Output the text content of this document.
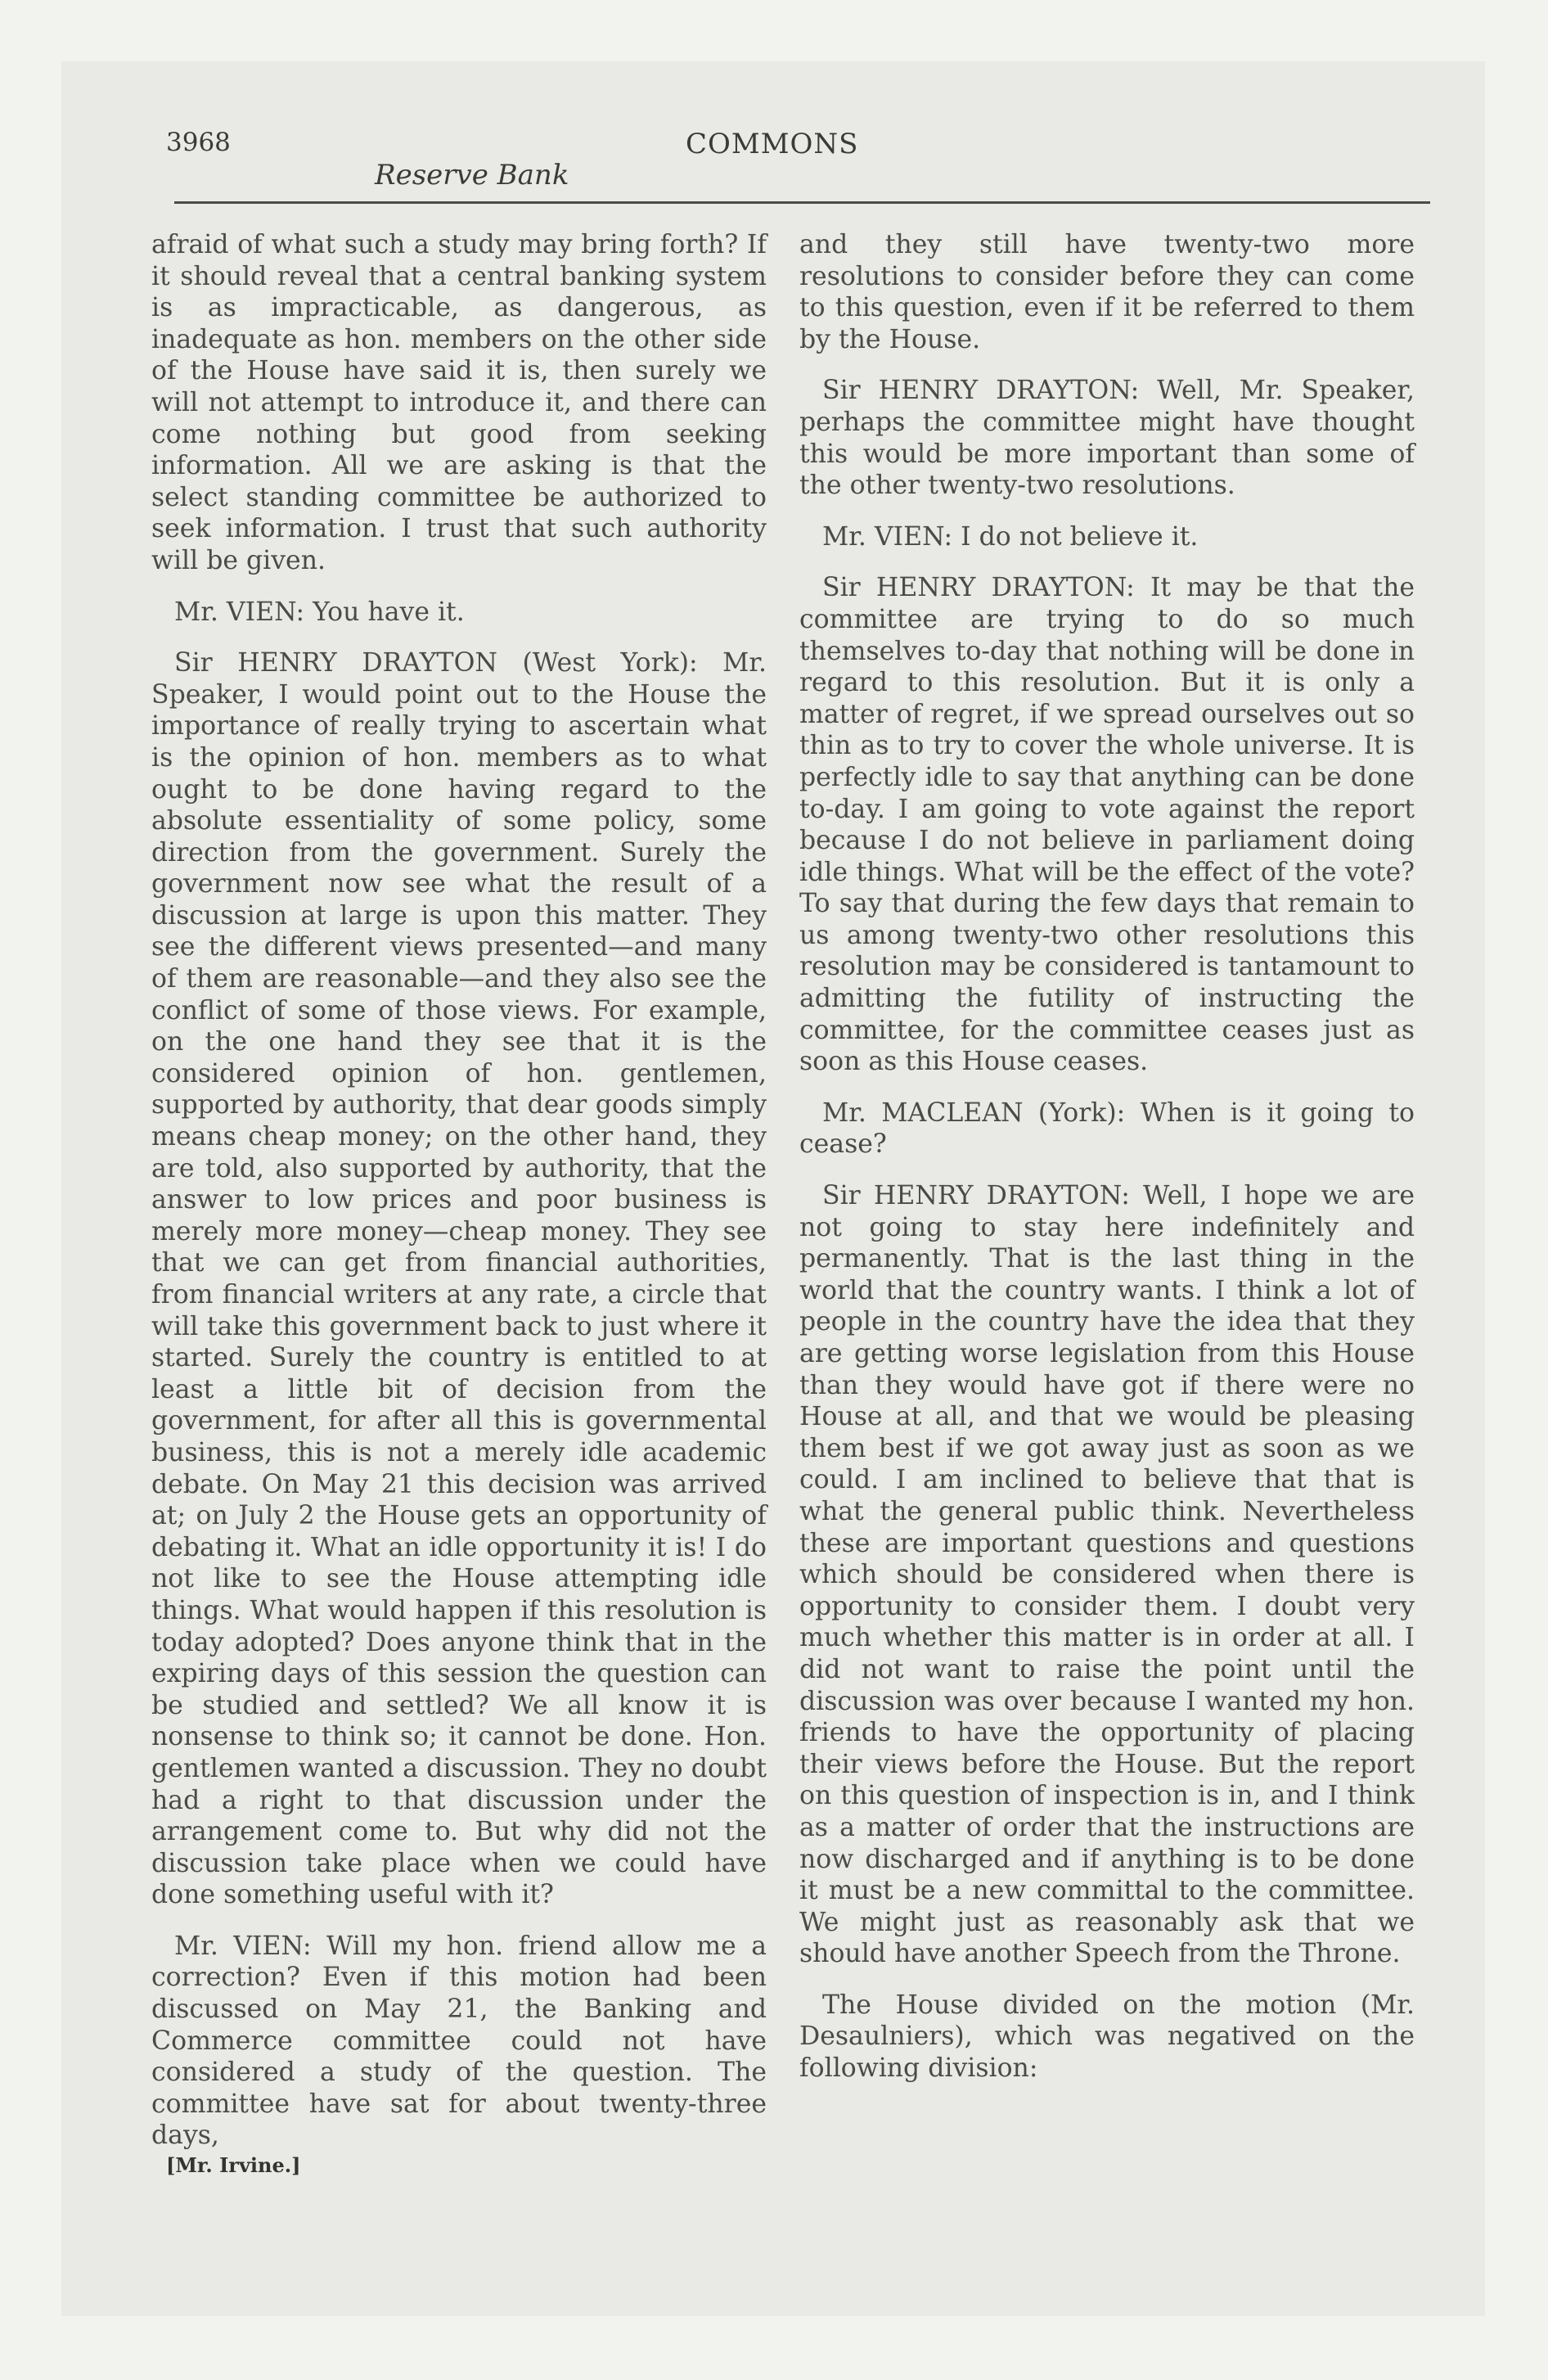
3968
Reserve Bank
COMMONS

afraid of what such a study may bring forth? If it should reveal that a central banking system is as impracticable, as dangerous, as inadequate as hon. members on the other side of the House have said it is, then surely we will not attempt to introduce it, and there can come nothing but good from seeking information. All we are asking is that the select standing committee be authorized to seek information. I trust that such authority will be given.

Mr. VIEN: You have it.

Sir HENRY DRAYTON (West York): Mr. Speaker, I would point out to the House the importance of really trying to ascertain what is the opinion of hon. members as to what ought to be done having regard to the absolute essentiality of some policy, some direction from the government. Surely the government now see what the result of a discussion at large is upon this matter. They see the different views presented—and many of them are reasonable—and they also see the conflict of some of those views. For example, on the one hand they see that it is the considered opinion of hon. gentlemen, supported by authority, that dear goods simply means cheap money; on the other hand, they are told, also supported by authority, that the answer to low prices and poor business is merely more money—cheap money. They see that we can get from financial authorities, from financial writers at any rate, a circle that will take this government back to just where it started. Surely the country is entitled to at least a little bit of decision from the government, for after all this is governmental business, this is not a merely idle academic debate. On May 21 this decision was arrived at; on July 2 the House gets an opportunity of debating it. What an idle opportunity it is! I do not like to see the House attempting idle things. What would happen if this resolution is today adopted? Does anyone think that in the expiring days of this session the question can be studied and settled? We all know it is nonsense to think so; it cannot be done. Hon. gentlemen wanted a discussion. They no doubt had a right to that discussion under the arrangement come to. But why did not the discussion take place when we could have done something useful with it?

Mr. VIEN: Will my hon. friend allow me a correction? Even if this motion had been discussed on May 21, the Banking and Commerce committee could not have considered a study of the question. The committee have sat for about twenty-three days,

and they still have twenty-two more resolutions to consider before they can come to this question, even if it be referred to them by the House.

Sir HENRY DRAYTON: Well, Mr. Speaker, perhaps the committee might have thought this would be more important than some of the other twenty-two resolutions.

Mr. VIEN: I do not believe it.

Sir HENRY DRAYTON: It may be that the committee are trying to do so much themselves to-day that nothing will be done in regard to this resolution. But it is only a matter of regret, if we spread ourselves out so thin as to try to cover the whole universe. It is perfectly idle to say that anything can be done to-day. I am going to vote against the report because I do not believe in parliament doing idle things. What will be the effect of the vote? To say that during the few days that remain to us among twenty-two other resolutions this resolution may be considered is tantamount to admitting the futility of instructing the committee, for the committee ceases just as soon as this House ceases.

Mr. MACLEAN (York): When is it going to cease?

Sir HENRY DRAYTON: Well, I hope we are not going to stay here indefinitely and permanently. That is the last thing in the world that the country wants. I think a lot of people in the country have the idea that they are getting worse legislation from this House than they would have got if there were no House at all, and that we would be pleasing them best if we got away just as soon as we could. I am inclined to believe that that is what the general public think. Nevertheless these are important questions and questions which should be considered when there is opportunity to consider them. I doubt very much whether this matter is in order at all. I did not want to raise the point until the discussion was over because I wanted my hon. friends to have the opportunity of placing their views before the House. But the report on this question of inspection is in, and I think as a matter of order that the instructions are now discharged and if anything is to be done it must be a new committal to the committee. We might just as reasonably ask that we should have another Speech from the Throne.

The House divided on the motion (Mr. Desaulniers), which was negatived on the following division:

[Mr. Irvine.]
